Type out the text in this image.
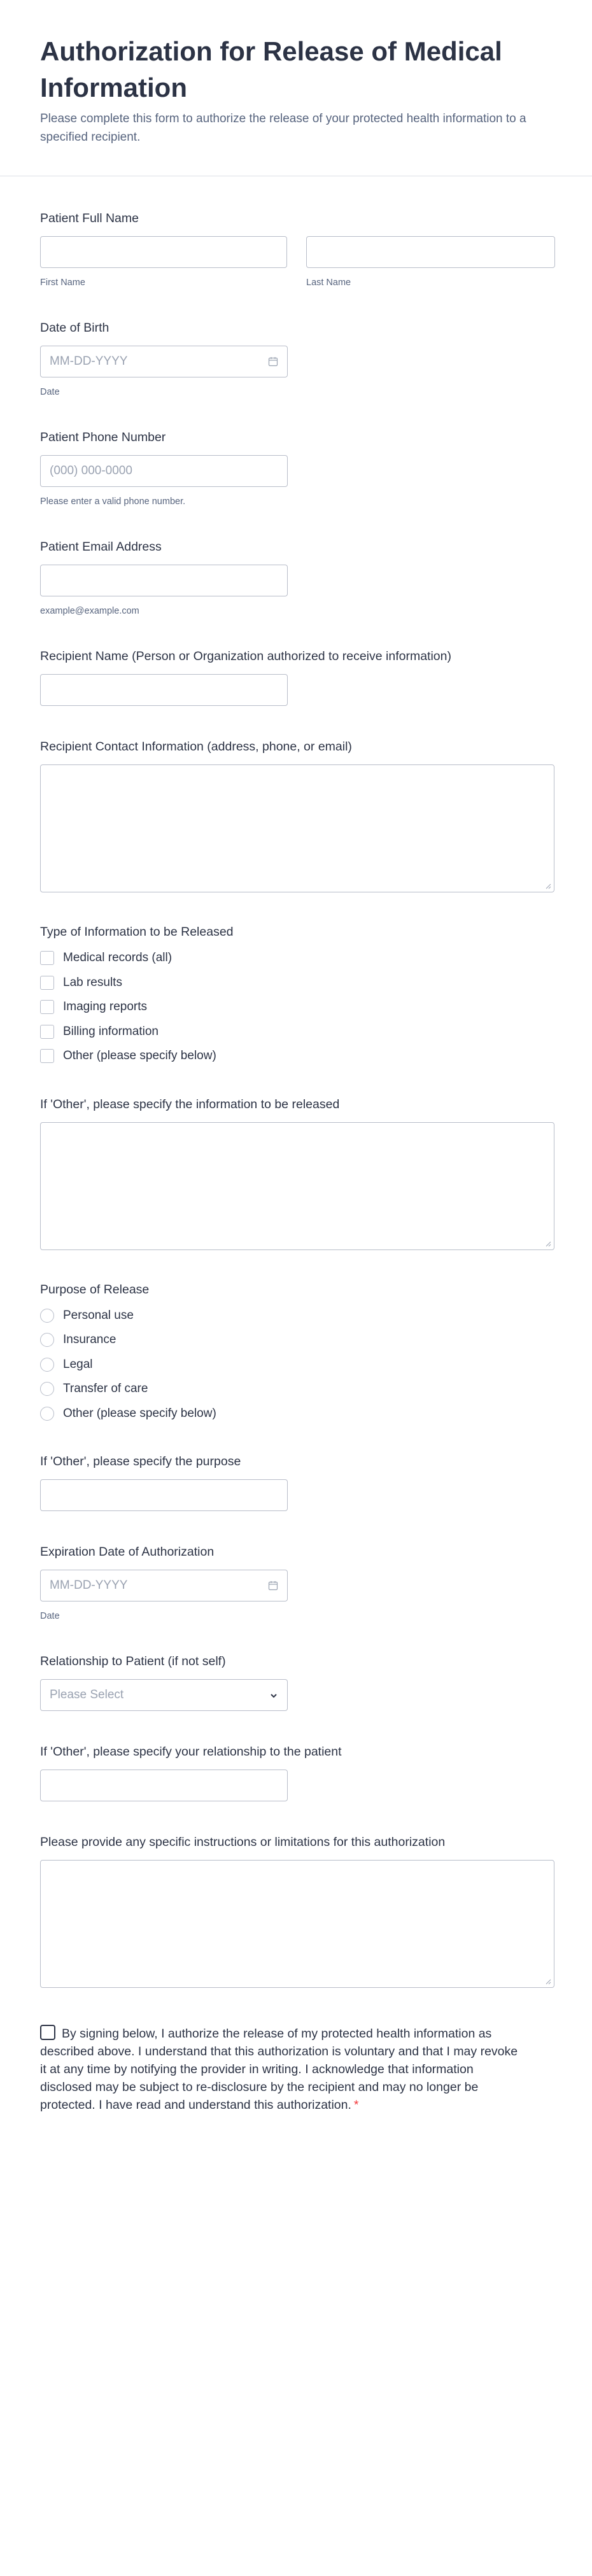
Authorization for Release of Medical Information

Please complete this form to authorize the release of your protected health information to a specified recipient.

Patient Full Name
First Name	Last Name
Date of Birth
MM-DD-YYYY
Date
Patient Phone Number
(000) 000-0000
Please enter a valid phone number.
Patient Email Address
example@example.com
Recipient Name (Person or Organization authorized to receive information)
Recipient Contact Information (address, phone, or email)
Type of Information to be Released
Medical records (all)
Lab results
Imaging reports
Billing information
Other (please specify below)
If 'Other', please specify the information to be released
Purpose of Release
Personal use
Insurance
Legal
Transfer of care
Other (please specify below)
If 'Other', please specify the purpose
Expiration Date of Authorization
MM-DD-YYYY
Date
Relationship to Patient (if not self)
Please Select
If 'Other', please specify your relationship to the patient
Please provide any specific instructions or limitations for this authorization

By signing below, I authorize the release of my protected health information as described above. I understand that this authorization is voluntary and that I may revoke it at any time by notifying the provider in writing. I acknowledge that information disclosed may be subject to re-disclosure by the recipient and may no longer be protected. I have read and understand this authorization. *
